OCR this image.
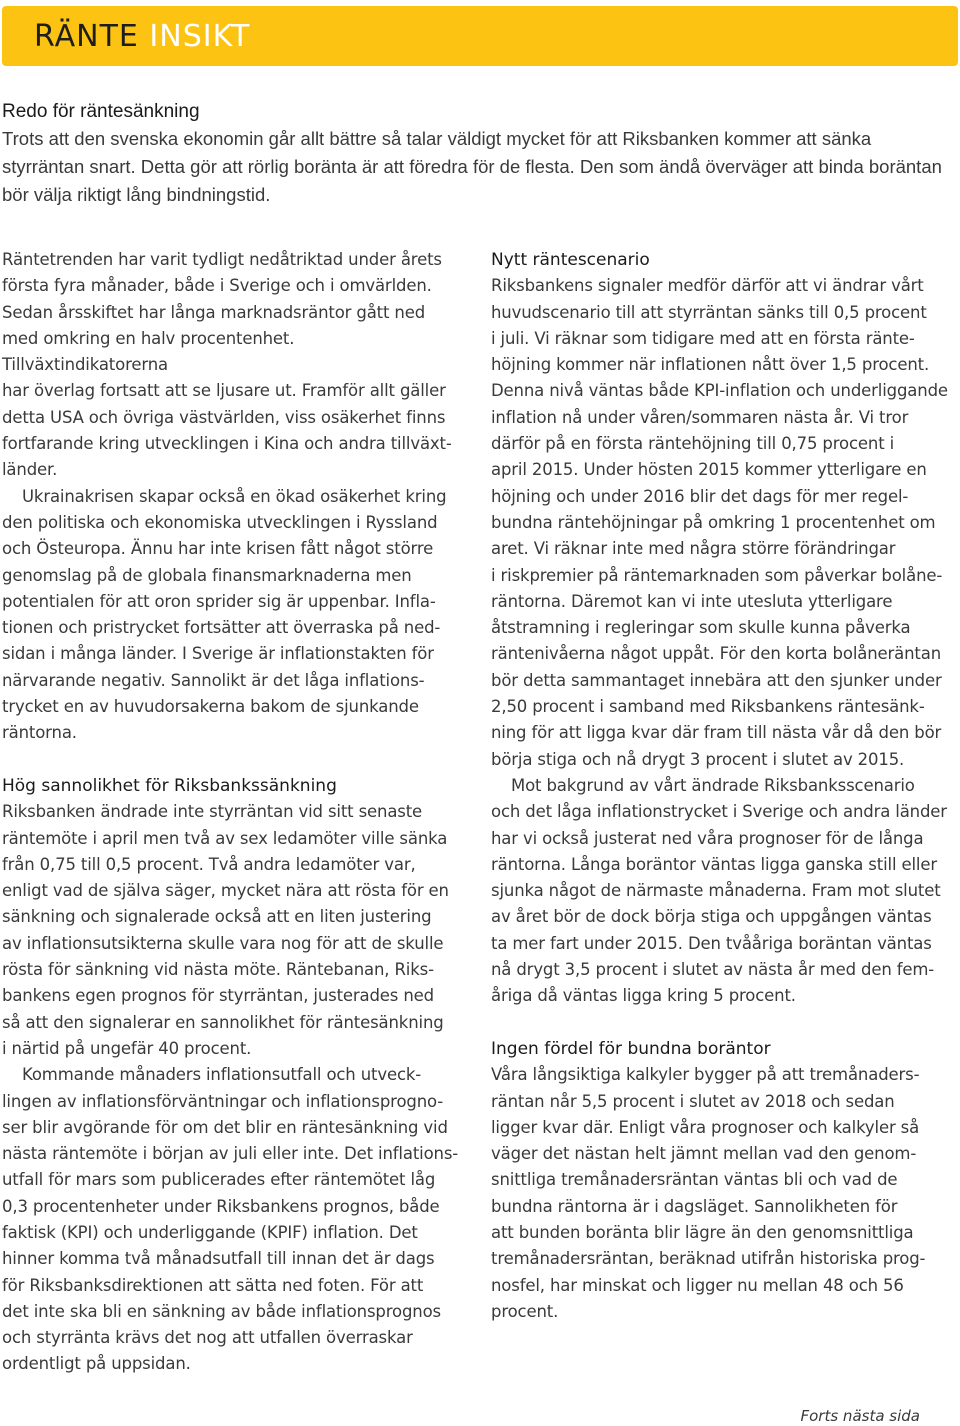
RÄNTE INSIKT
Redo för räntesänkning

Trots att den svenska ekonomin går allt bättre så talar väldigt mycket för att Riksbanken kommer att sänka styrräntan snart. Detta gör att rörlig boränta är att föredra för de flesta. Den som ändå överväger att binda boräntan bör välja riktigt lång bindningstid.

Räntetrenden har varit tydligt nedåtriktad under årets
första fyra månader, både i Sverige och i omvärlden.
Sedan årsskiftet har långa marknadsräntor gått ned
med omkring en halv procentenhet. Tillväxtindikatorerna
har överlag fortsatt att se ljusare ut. Framför allt gäller
detta USA och övriga västvärlden, viss osäkerhet finns
fortfarande kring utvecklingen i Kina och andra tillväxt-
länder.

Ukrainakrisen skapar också en ökad osäkerhet kring
den politiska och ekonomiska utvecklingen i Ryssland
och Östeuropa. Ännu har inte krisen fått något större
genomslag på de globala finansmarknaderna men
potentialen för att oron sprider sig är uppenbar. Infla-
tionen och pristrycket fortsätter att överraska på ned-
sidan i många länder. I Sverige är inflationstakten för
närvarande negativ. Sannolikt är det låga inflations-
trycket en av huvudorsakerna bakom de sjunkande
räntorna.

Hög sannolikhet för Riksbankssänkning

Riksbanken ändrade inte styrräntan vid sitt senaste
räntemöte i april men två av sex ledamöter ville sänka
från 0,75 till 0,5 procent. Två andra ledamöter var,
enligt vad de själva säger, mycket nära att rösta för en
sänkning och signalerade också att en liten justering
av inflationsutsikterna skulle vara nog för att de skulle
rösta för sänkning vid nästa möte. Räntebanan, Riks-
bankens egen prognos för styrräntan, justerades ned
så att den signalerar en sannolikhet för räntesänkning
i närtid på ungefär 40 procent.

Kommande månaders inflationsutfall och utveck-
lingen av inflationsförväntningar och inflationsprogno-
ser blir avgörande för om det blir en räntesänkning vid
nästa räntemöte i början av juli eller inte. Det inflations-
utfall för mars som publicerades efter räntemötet låg
0,3 procentenheter under Riksbankens prognos, både
faktisk (KPI) och underliggande (KPIF) inflation. Det
hinner komma två månadsutfall till innan det är dags
för Riksbanksdirektionen att sätta ned foten. För att
det inte ska bli en sänkning av både inflationsprognos
och styrränta krävs det nog att utfallen överraskar
ordentligt på uppsidan.

Nytt räntescenario

Riksbankens signaler medför därför att vi ändrar vårt
huvudscenario till att styrräntan sänks till 0,5 procent
i juli. Vi räknar som tidigare med att en första ränte-
höjning kommer när inflationen nått över 1,5 procent.
Denna nivå väntas både KPI-inflation och underliggande
inflation nå under våren/sommaren nästa år. Vi tror
därför på en första räntehöjning till 0,75 procent i
april 2015. Under hösten 2015 kommer ytterligare en
höjning och under 2016 blir det dags för mer regel-
bundna räntehöjningar på omkring 1 procentenhet om
aret. Vi räknar inte med några större förändringar
i riskpremier på räntemarknaden som påverkar bolåne-
räntorna. Däremot kan vi inte utesluta ytterligare
åtstramning i regleringar som skulle kunna påverka
räntenivåerna något uppåt. För den korta bolåneräntan
bör detta sammantaget innebära att den sjunker under
2,50 procent i samband med Riksbankens räntesänk-
ning för att ligga kvar där fram till nästa vår då den bör
börja stiga och nå drygt 3 procent i slutet av 2015.

Mot bakgrund av vårt ändrade Riksbanksscenario
och det låga inflationstrycket i Sverige och andra länder
har vi också justerat ned våra prognoser för de långa
räntorna. Långa boräntor väntas ligga ganska still eller
sjunka något de närmaste månaderna. Fram mot slutet
av året bör de dock börja stiga och uppgången väntas
ta mer fart under 2015. Den tvååriga boräntan väntas
nå drygt 3,5 procent i slutet av nästa år med den fem-
åriga då väntas ligga kring 5 procent.

Ingen fördel för bundna boräntor

Våra långsiktiga kalkyler bygger på att tremånaders-
räntan når 5,5 procent i slutet av 2018 och sedan
ligger kvar där. Enligt våra prognoser och kalkyler så
väger det nästan helt jämnt mellan vad den genom-
snittliga tremånadersräntan väntas bli och vad de
bundna räntorna är i dagsläget. Sannolikheten för
att bunden boränta blir lägre än den genomsnittliga
tremånadersräntan, beräknad utifrån historiska prog-
nosfel, har minskat och ligger nu mellan 48 och 56
procent.

Forts nästa sida
